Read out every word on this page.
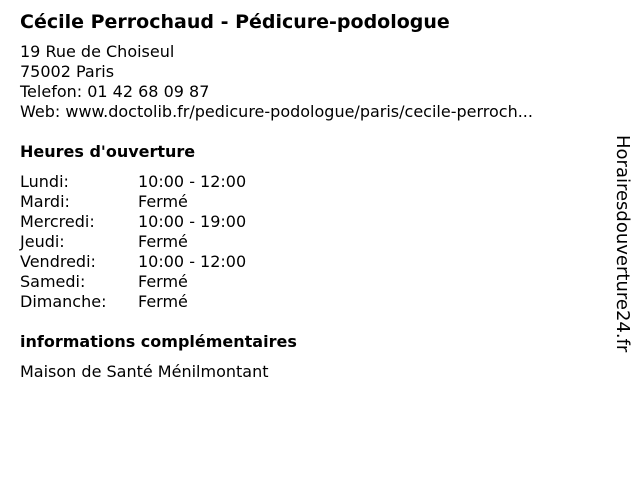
Cécile Perrochaud - Pédicure-podologue
19 Rue de Choiseul
75002 Paris
Telefon: 01 42 68 09 87
Web: www.doctolib.fr/pedicure-podologue/paris/cecile-perroch...
Heures d'ouverture
Lundi:	10:00 - 12:00
Mardi:	Fermé
Mercredi:	10:00 - 19:00
Jeudi:	Fermé
Vendredi:	10:00 - 12:00
Samedi:	Fermé
Dimanche:	Fermé
informations complémentaires
Maison de Santé Ménilmontant
Horairesdouverture24.fr
